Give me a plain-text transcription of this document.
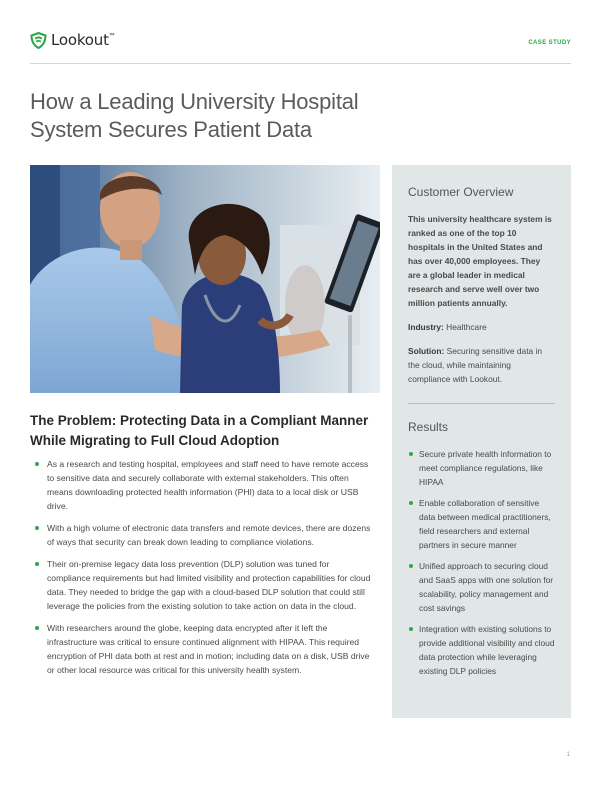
Lookout ™
CASE STUDY
How a Leading University Hospital System Secures Patient Data
The Problem: Protecting Data in a Compliant Manner While Migrating to Full Cloud Adoption
As a research and testing hospital, employees and staff need to have remote access to sensitive data and securely collaborate with external stakeholders. This often means downloading protected health information (PHI) data to a local disk or USB drive.
With a high volume of electronic data transfers and remote devices, there are dozens of ways that security can break down leading to compliance violations.
Their on-premise legacy data loss prevention (DLP) solution was tuned for compliance requirements but had limited visibility and protection capabilities for cloud data. They needed to bridge the gap with a cloud-based DLP solution that could still leverage the policies from the existing solution to take action on data in the cloud.
With researchers around the globe, keeping data encrypted after it left the infrastructure was critical to ensure continued alignment with HIPAA. This required encryption of PHI data both at rest and in motion; including data on a disk, USB drive or other local resource was critical for this university health system.
Customer Overview

This university healthcare system is ranked as one of the top 10 hospitals in the United States and has over 40,000 employees. They are a global leader in medical research and serve well over two million patients annually.

Industry: Healthcare

Solution: Securing sensitive data in the cloud, while maintaining compliance with Lookout.

Results
Secure private health information to meet compliance regulations, like HIPAA
Enable collaboration of sensitive data between medical practitioners, field researchers and external partners in secure manner
Unified approach to securing cloud and SaaS apps with one solution for scalability, policy management and cost savings
Integration with existing solutions to provide additional visibility and cloud data protection while leveraging existing DLP policies
1
